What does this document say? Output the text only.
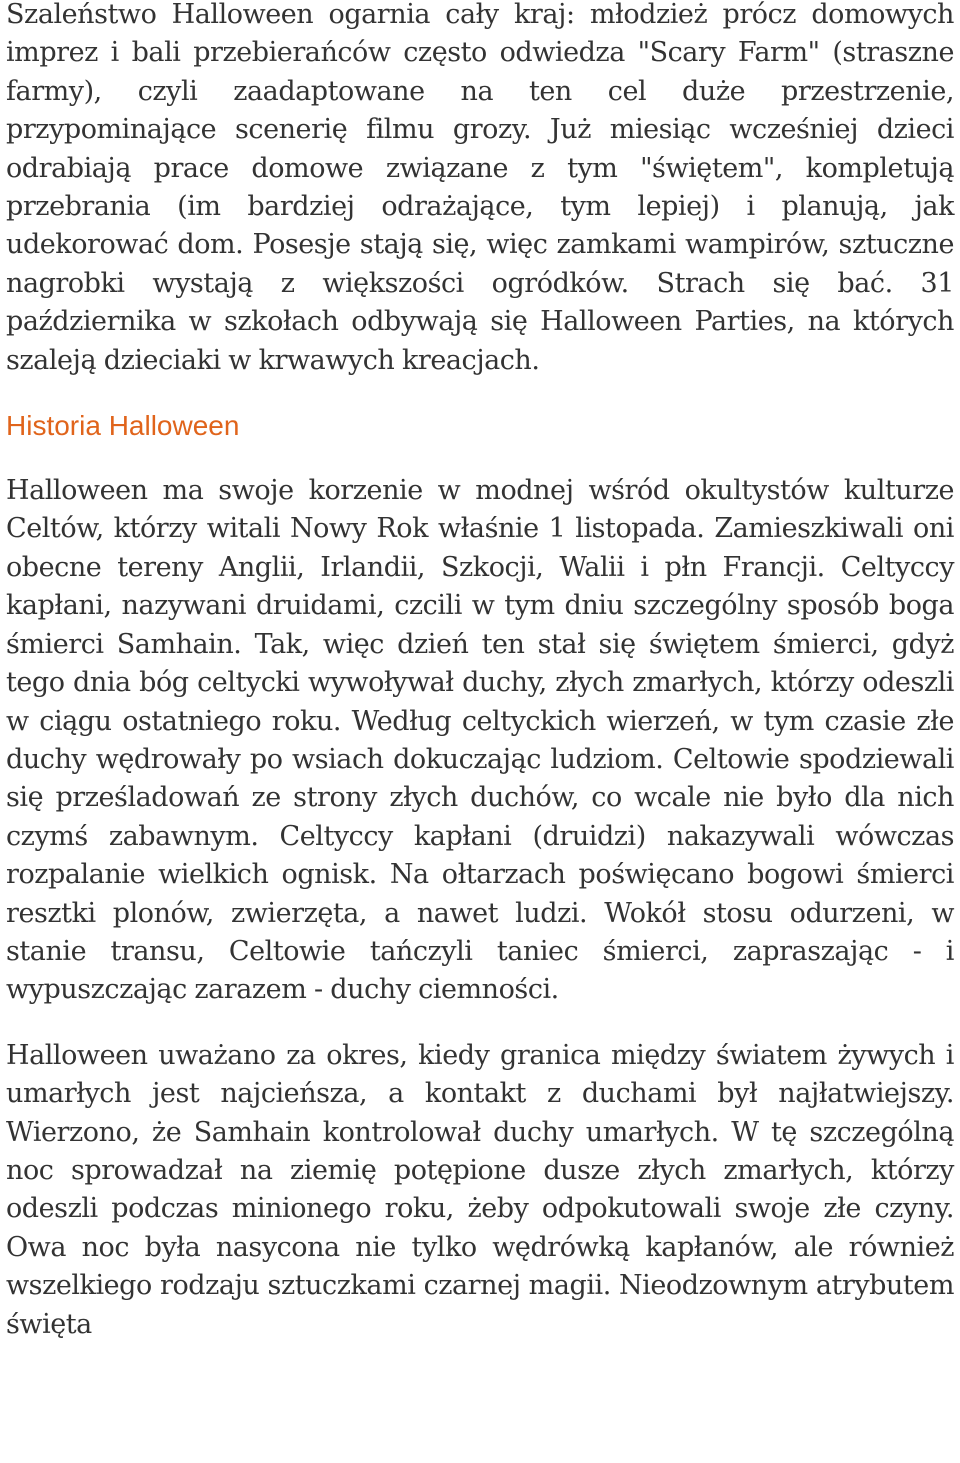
Szaleństwo Halloween ogarnia cały kraj: młodzież prócz domowych imprez i bali przebierańców często odwiedza "Scary Farm" (straszne farmy), czyli zaadaptowane na ten cel duże przestrzenie, przypominające scenerię filmu grozy. Już miesiąc wcześniej dzieci odrabiają prace domowe związane z tym "świętem", kompletują przebrania (im bardziej odrażające, tym lepiej) i planują, jak udekorować dom. Posesje stają się, więc zamkami wampirów, sztuczne nagrobki wystają z większości ogródków. Strach się bać. 31 października w szkołach odbywają się Halloween Parties, na których szaleją dzieciaki w krwawych kreacjach.

Historia Halloween

Halloween ma swoje korzenie w modnej wśród okultystów kulturze Celtów, którzy witali Nowy Rok właśnie 1 listopada. Zamieszkiwali oni obecne tereny Anglii, Irlandii, Szkocji, Walii i płn Francji. Celtyccy kapłani, nazywani druidami, czcili w tym dniu szczególny sposób boga śmierci Samhain. Tak, więc dzień ten stał się świętem śmierci, gdyż tego dnia bóg celtycki wywoływał duchy, złych zmarłych, którzy odeszli w ciągu ostatniego roku. Według celtyckich wierzeń, w tym czasie złe duchy wędrowały po wsiach dokuczając ludziom. Celtowie spodziewali się prześladowań ze strony złych duchów, co wcale nie było dla nich czymś zabawnym. Celtyccy kapłani (druidzi) nakazywali wówczas rozpalanie wielkich ognisk. Na ołtarzach poświęcano bogowi śmierci resztki plonów, zwierzęta, a nawet ludzi. Wokół stosu odurzeni, w stanie transu, Celtowie tańczyli taniec śmierci, zapraszając - i wypuszczając zarazem - duchy ciemności.

Halloween uważano za okres, kiedy granica między światem żywych i umarłych jest najcieńsza, a kontakt z duchami był najłatwiejszy. Wierzono, że Samhain kontrolował duchy umarłych. W tę szczególną noc sprowadzał na ziemię potępione dusze złych zmarłych, którzy odeszli podczas minionego roku, żeby odpokutowali swoje złe czyny. Owa noc była nasycona nie tylko wędrówką kapłanów, ale również wszelkiego rodzaju sztuczkami czarnej magii. Nieodzownym atrybutem święta
